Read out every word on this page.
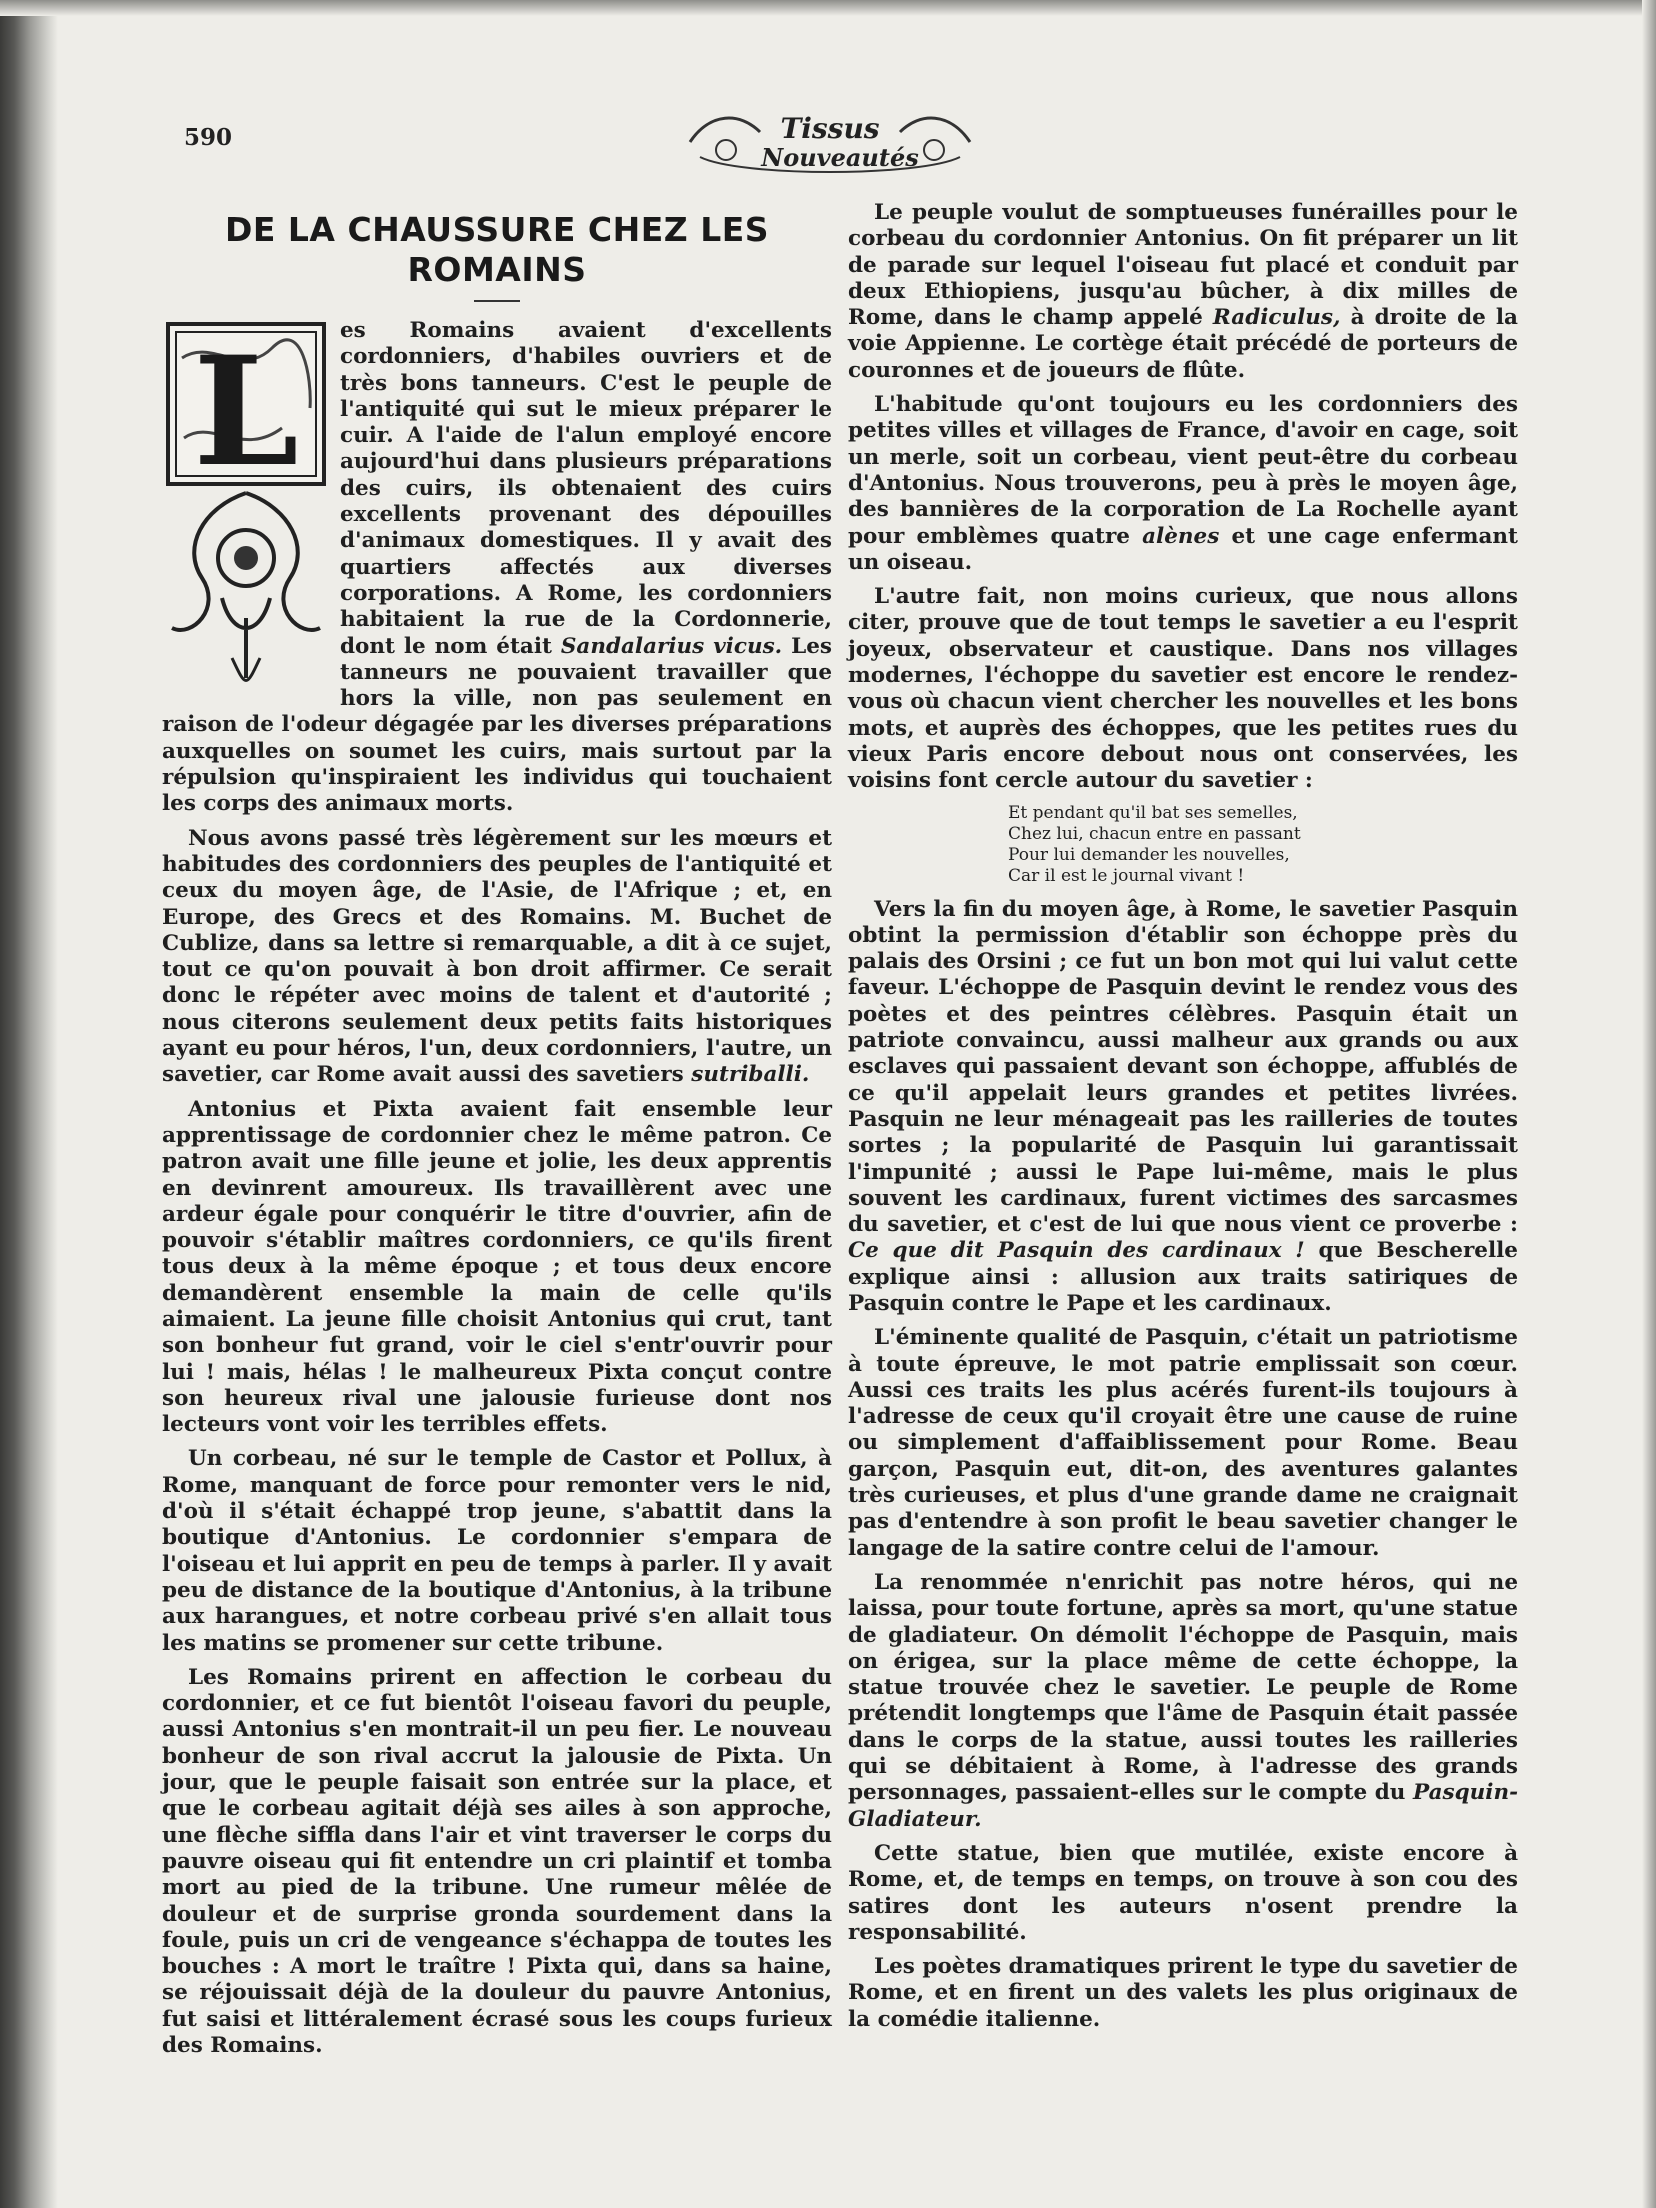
590	Tissus
Nouveautés
DE LA CHAUSSURE CHEZ LES ROMAINS
L	es Romains avaient d'excellents cordonniers, d'habiles ouvriers et de très bons tanneurs. C'est le peuple de l'antiquité qui sut le mieux préparer le cuir. A l'aide de l'alun employé encore aujourd'hui dans plusieurs préparations des cuirs, ils obtenaient des cuirs excellents provenant des dépouilles d'animaux domestiques. Il y avait des quartiers affectés aux diverses corporations. A Rome, les cordonniers habitaient la rue de la Cordonnerie, dont le nom était Sandalarius vicus. Les tanneurs ne pouvaient travailler que hors la ville, non pas seulement en raison de l'odeur dégagée par les diverses préparations auxquelles on soumet les cuirs, mais surtout par la répulsion qu'inspiraient les individus qui touchaient les corps des animaux morts.

Nous avons passé très légèrement sur les mœurs et habitudes des cordonniers des peuples de l'antiquité et ceux du moyen âge, de l'Asie, de l'Afrique ; et, en Europe, des Grecs et des Romains. M. Buchet de Cublize, dans sa lettre si remarquable, a dit à ce sujet, tout ce qu'on pouvait à bon droit affirmer. Ce serait donc le répéter avec moins de talent et d'autorité ; nous citerons seulement deux petits faits historiques ayant eu pour héros, l'un, deux cordonniers, l'autre, un savetier, car Rome avait aussi des savetiers sutriballi.

Antonius et Pixta avaient fait ensemble leur apprentissage de cordonnier chez le même patron. Ce patron avait une fille jeune et jolie, les deux apprentis en devinrent amoureux. Ils travaillèrent avec une ardeur égale pour conquérir le titre d'ouvrier, afin de pouvoir s'établir maîtres cordonniers, ce qu'ils firent tous deux à la même époque ; et tous deux encore demandèrent ensemble la main de celle qu'ils aimaient. La jeune fille choisit Antonius qui crut, tant son bonheur fut grand, voir le ciel s'entr'ouvrir pour lui ! mais, hélas ! le malheureux Pixta conçut contre son heureux rival une jalousie furieuse dont nos lecteurs vont voir les terribles effets.

Un corbeau, né sur le temple de Castor et Pollux, à Rome, manquant de force pour remonter vers le nid, d'où il s'était échappé trop jeune, s'abattit dans la boutique d'Antonius. Le cordonnier s'empara de l'oiseau et lui apprit en peu de temps à parler. Il y avait peu de distance de la boutique d'Antonius, à la tribune aux harangues, et notre corbeau privé s'en allait tous les matins se promener sur cette tribune.

Les Romains prirent en affection le corbeau du cordonnier, et ce fut bientôt l'oiseau favori du peuple, aussi Antonius s'en montrait-il un peu fier. Le nouveau bonheur de son rival accrut la jalousie de Pixta. Un jour, que le peuple faisait son entrée sur la place, et que le corbeau agitait déjà ses ailes à son approche, une flèche siffla dans l'air et vint traverser le corps du pauvre oiseau qui fit entendre un cri plaintif et tomba mort au pied de la tribune. Une rumeur mêlée de douleur et de surprise gronda sourdement dans la foule, puis un cri de vengeance s'échappa de toutes les bouches : A mort le traître ! Pixta qui, dans sa haine, se réjouissait déjà de la douleur du pauvre Antonius, fut saisi et littéralement écrasé sous les coups furieux des Romains.

Le peuple voulut de somptueuses funérailles pour le corbeau du cordonnier Antonius. On fit préparer un lit de parade sur lequel l'oiseau fut placé et conduit par deux Ethiopiens, jusqu'au bûcher, à dix milles de Rome, dans le champ appelé Radiculus, à droite de la voie Appienne. Le cortège était précédé de porteurs de couronnes et de joueurs de flûte.

L'habitude qu'ont toujours eu les cordonniers des petites villes et villages de France, d'avoir en cage, soit un merle, soit un corbeau, vient peut-être du corbeau d'Antonius. Nous trouverons, peu à près le moyen âge, des bannières de la corporation de La Rochelle ayant pour emblèmes quatre alènes et une cage enfermant un oiseau.

L'autre fait, non moins curieux, que nous allons citer, prouve que de tout temps le savetier a eu l'esprit joyeux, observateur et caustique. Dans nos villages modernes, l'échoppe du savetier est encore le rendez-vous où chacun vient chercher les nouvelles et les bons mots, et auprès des échoppes, que les petites rues du vieux Paris encore debout nous ont conservées, les voisins font cercle autour du savetier :

Et pendant qu'il bat ses semelles,
Chez lui, chacun entre en passant
Pour lui demander les nouvelles,
Car il est le journal vivant !

Vers la fin du moyen âge, à Rome, le savetier Pasquin obtint la permission d'établir son échoppe près du palais des Orsini ; ce fut un bon mot qui lui valut cette faveur. L'échoppe de Pasquin devint le rendez vous des poètes et des peintres célèbres. Pasquin était un patriote convaincu, aussi malheur aux grands ou aux esclaves qui passaient devant son échoppe, affublés de ce qu'il appelait leurs grandes et petites livrées. Pasquin ne leur ménageait pas les railleries de toutes sortes ; la popularité de Pasquin lui garantissait l'impunité ; aussi le Pape lui-même, mais le plus souvent les cardinaux, furent victimes des sarcasmes du savetier, et c'est de lui que nous vient ce proverbe : Ce que dit Pasquin des cardinaux ! que Bescherelle explique ainsi : allusion aux traits satiriques de Pasquin contre le Pape et les cardinaux.

L'éminente qualité de Pasquin, c'était un patriotisme à toute épreuve, le mot patrie emplissait son cœur. Aussi ces traits les plus acérés furent-ils toujours à l'adresse de ceux qu'il croyait être une cause de ruine ou simplement d'affaiblissement pour Rome. Beau garçon, Pasquin eut, dit-on, des aventures galantes très curieuses, et plus d'une grande dame ne craignait pas d'entendre à son profit le beau savetier changer le langage de la satire contre celui de l'amour.

La renommée n'enrichit pas notre héros, qui ne laissa, pour toute fortune, après sa mort, qu'une statue de gladiateur. On démolit l'échoppe de Pasquin, mais on érigea, sur la place même de cette échoppe, la statue trouvée chez le savetier. Le peuple de Rome prétendit longtemps que l'âme de Pasquin était passée dans le corps de la statue, aussi toutes les railleries qui se débitaient à Rome, à l'adresse des grands personnages, passaient-elles sur le compte du Pasquin-Gladiateur.

Cette statue, bien que mutilée, existe encore à Rome, et, de temps en temps, on trouve à son cou des satires dont les auteurs n'osent prendre la responsabilité.

Les poètes dramatiques prirent le type du savetier de Rome, et en firent un des valets les plus originaux de la comédie italienne.
